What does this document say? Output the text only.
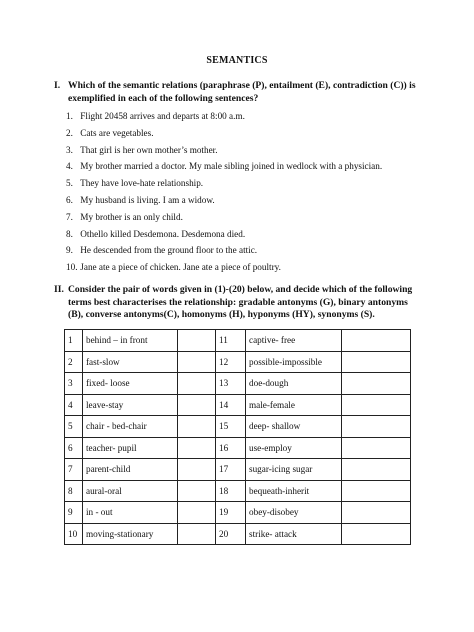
SEMANTICS
I. Which of the semantic relations (paraphrase (P), entailment (E), contradiction (C)) is exemplified in each of the following sentences?
1. Flight 20458 arrives and departs at 8:00 a.m.
2. Cats are vegetables.
3. That girl is her own mother’s mother.
4. My brother married a doctor. My male sibling joined in wedlock with a physician.
5. They have love-hate relationship.
6. My husband is living. I am a widow.
7. My brother is an only child.
8. Othello killed Desdemona. Desdemona died.
9. He descended from the ground floor to the attic.
10. Jane ate a piece of chicken. Jane ate a piece of poultry.
II. Consider the pair of words given in (1)-(20) below, and decide which of the following terms best characterises the relationship: gradable antonyms (G), binary antonyms (B), converse antonyms(C), homonyms (H), hyponyms (HY), synonyms (S).
1	behind – in front		11	captive- free	
2	fast-slow		12	possible-impossible	
3	fixed- loose		13	doe-dough	
4	leave-stay		14	male-female	
5	chair - bed-chair		15	deep- shallow	
6	teacher- pupil		16	use-employ	
7	parent-child		17	sugar-icing sugar	
8	aural-oral		18	bequeath-inherit	
9	in - out		19	obey-disobey	
10	moving-stationary		20	strike- attack	
